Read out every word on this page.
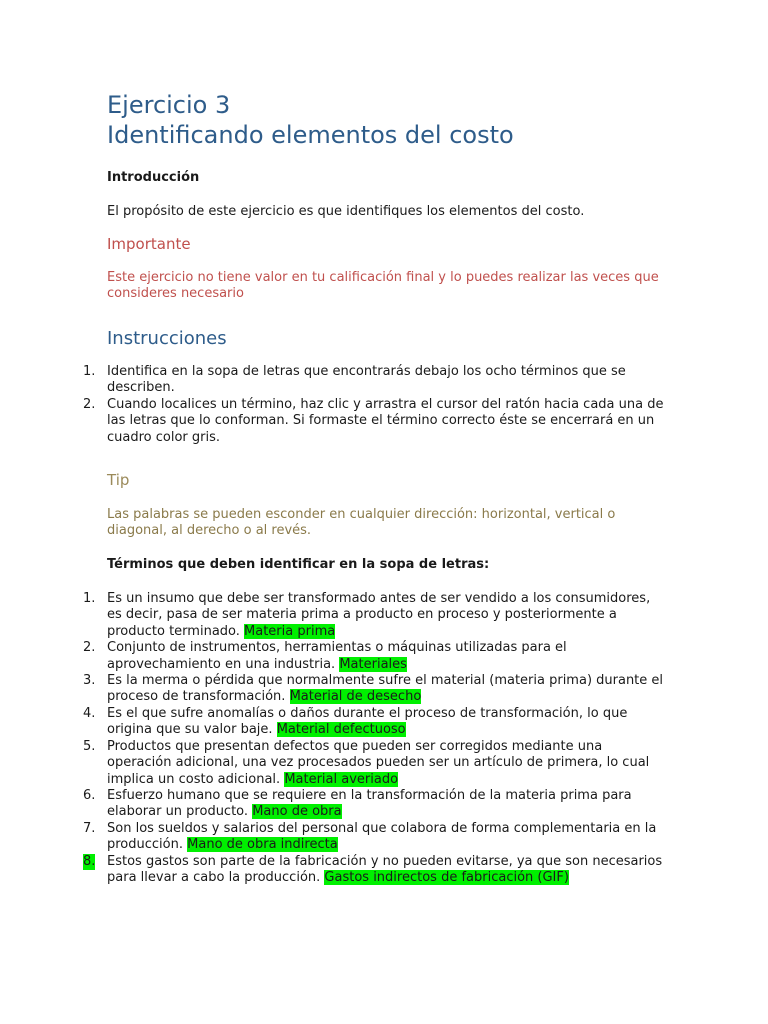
Ejercicio 3
Identificando elementos del costo

Introducción

El propósito de este ejercicio es que identifiques los elementos del costo.

Importante

Este ejercicio no tiene valor en tu calificación final y lo puedes realizar las veces que consideres necesario

Instrucciones
1. Identifica en la sopa de letras que encontrarás debajo los ocho términos que se describen.
2. Cuando localices un término, haz clic y arrastra el cursor del ratón hacia cada una de las letras que lo conforman. Si formaste el término correcto éste se encerrará en un cuadro color gris.
Tip

Las palabras se pueden esconder en cualquier dirección: horizontal, vertical o diagonal, al derecho o al revés.

Términos que deben identificar en la sopa de letras:

1. Es un insumo que debe ser transformado antes de ser vendido a los consumidores, es decir, pasa de ser materia prima a producto en proceso y posteriormente a producto terminado. Materia prima
2. Conjunto de instrumentos, herramientas o máquinas utilizadas para el aprovechamiento en una industria. Materiales
3. Es la merma o pérdida que normalmente sufre el material (materia prima) durante el proceso de transformación. Material de desecho
4. Es el que sufre anomalías o daños durante el proceso de transformación, lo que origina que su valor baje. Material defectuoso
5. Productos que presentan defectos que pueden ser corregidos mediante una operación adicional, una vez procesados pueden ser un artículo de primera, lo cual implica un costo adicional. Material averiado
6. Esfuerzo humano que se requiere en la transformación de la materia prima para elaborar un producto. Mano de obra
7. Son los sueldos y salarios del personal que colabora de forma complementaria en la producción. Mano de obra indirecta
8. Estos gastos son parte de la fabricación y no pueden evitarse, ya que son necesarios para llevar a cabo la producción. Gastos indirectos de fabricación (GIF)
